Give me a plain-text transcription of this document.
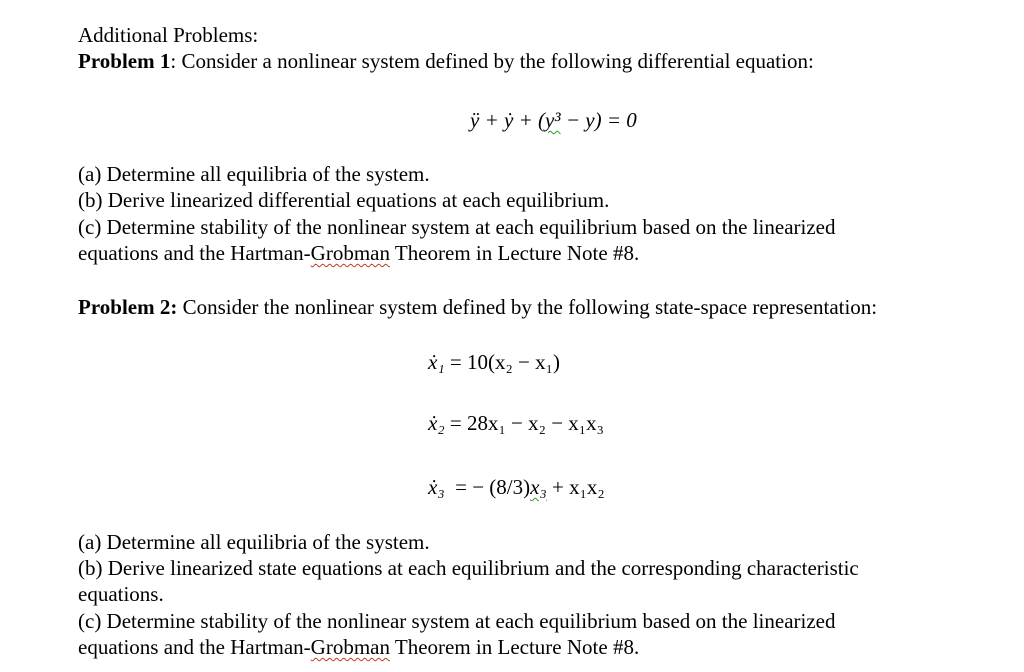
Additional Problems:
Problem 1: Consider a nonlinear system defined by the following differential equation:
ÿ + ẏ + (y³ − y) = 0
(a) Determine all equilibria of the system.
(b) Derive linearized differential equations at each equilibrium.
(c) Determine stability of the nonlinear system at each equilibrium based on the linearized
equations and the Hartman-Grobman Theorem in Lecture Note #8.
Problem 2: Consider the nonlinear system defined by the following state-space representation:
ẋ₁ = 10(x₂ − x₁)
ẋ₂ = 28x₁ − x₂ − x₁x₃
ẋ₃  = − (8/3)x₃ + x₁x₂
(a) Determine all equilibria of the system.
(b) Derive linearized state equations at each equilibrium and the corresponding characteristic
equations.
(c) Determine stability of the nonlinear system at each equilibrium based on the linearized
equations and the Hartman-Grobman Theorem in Lecture Note #8.
